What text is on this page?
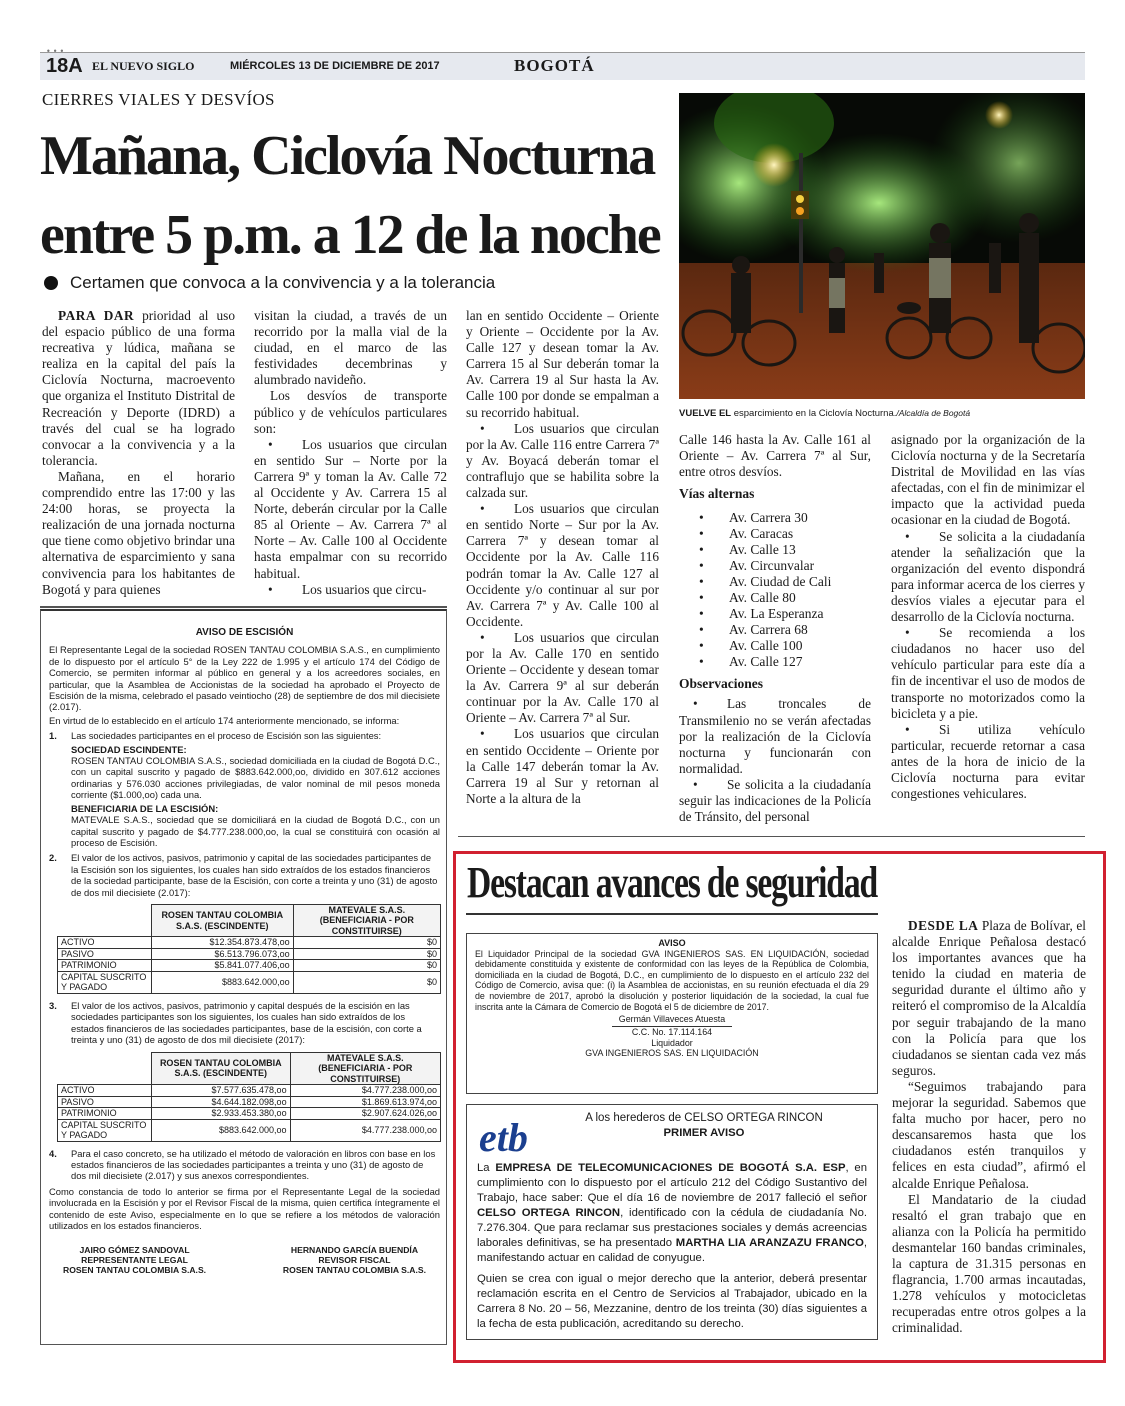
•••
18A EL NUEVO SIGLO	MIÉRCOLES 13 DE DICIEMBRE DE 2017	BOGOTÁ
CIERRES VIALES Y DESVÍOS
Mañana, Ciclovía Nocturna
entre 5 p.m. a 12 de la noche
Certamen que convoca a la convivencia y a la tolerancia

PARA DAR prioridad al uso del espacio público de una forma recreativa y lúdica, mañana se realiza en la capital del país la Ciclovía Nocturna, macroevento que organiza el Instituto Distrital de Recreación y Deporte (IDRD) a través del cual se ha logrado convocar a la convivencia y a la tolerancia.

Mañana, en el horario comprendido entre las 17:00 y las 24:00 horas, se proyecta la realización de una jornada nocturna que tiene como objetivo brindar una alternativa de esparcimiento y sana convivencia para los habitantes de Bogotá y para quienes

visitan la ciudad, a través de un recorrido por la malla vial de la ciudad, en el marco de las festividades decembrinas y alumbrado navideño.

Los desvíos de transporte público y de vehículos particulares son:

• Los usuarios que circulan en sentido Sur – Norte por la Carrera 9ª y toman la Av. Calle 72 al Occidente y Av. Carrera 15 al Norte, deberán circular por la Calle 85 al Oriente – Av. Carrera 7ª al Norte – Av. Calle 100 al Occidente hasta empalmar con su recorrido habitual.

• Los usuarios que circu-

lan en sentido Occidente – Oriente y Oriente – Occidente por la Av. Calle 127 y desean tomar la Av. Carrera 15 al Sur deberán tomar la Av. Carrera 19 al Sur hasta la Av. Calle 100 por donde se empalman a su recorrido habitual.

• Los usuarios que circulan por la Av. Calle 116 entre Carrera 7ª y Av. Boyacá deberán tomar el contraflujo que se habilita sobre la calzada sur.

• Los usuarios que circulan en sentido Norte – Sur por la Av. Carrera 7ª y desean tomar al Occidente por la Av. Calle 116 podrán tomar la Av. Calle 127 al Occidente y/o continuar al sur por Av. Carrera 7ª y Av. Calle 100 al Occidente.

• Los usuarios que circulan por la Av. Calle 170 en sentido Oriente – Occidente y desean tomar la Av. Carrera 9ª al sur deberán continuar por la Av. Calle 170 al Oriente – Av. Carrera 7ª al Sur.

• Los usuarios que circulan en sentido Occidente – Oriente por la Calle 147 deberán tomar la Av. Carrera 19 al Sur y retornan al Norte a la altura de la

VUELVE EL esparcimiento en la Ciclovía Nocturna./Alcaldía de Bogotá

Calle 146 hasta la Av. Calle 161 al Oriente – Av. Carrera 7ª al Sur, entre otros desvíos.

Vías alternas
• Av. Carrera 30
• Av. Caracas
• Av. Calle 13
• Av. Circunvalar
• Av. Ciudad de Cali
• Av. Calle 80
• Av. La Esperanza
• Av. Carrera 68
• Av. Calle 100
• Av. Calle 127
Observaciones

• Las troncales de Transmilenio no se verán afectadas por la realización de la Ciclovía nocturna y funcionarán con normalidad.

• Se solicita a la ciudadanía seguir las indicaciones de la Policía de Tránsito, del personal

asignado por la organización de la Ciclovía nocturna y de la Secretaría Distrital de Movilidad en las vías afectadas, con el fin de minimizar el impacto que la actividad pueda ocasionar en la ciudad de Bogotá.

• Se solicita a la ciudadanía atender la señalización que la organización del evento dispondrá para informar acerca de los cierres y desvíos viales a ejecutar para el desarrollo de la Ciclovía nocturna.

• Se recomienda a los ciudadanos no hacer uso del vehículo particular para este día a fin de incentivar el uso de modos de transporte no motorizados como la bicicleta y a pie.

• Si utiliza vehículo particular, recuerde retornar a casa antes de la hora de inicio de la Ciclovía nocturna para evitar congestiones vehiculares.

AVISO DE ESCISIÓN

El Representante Legal de la sociedad ROSEN TANTAU COLOMBIA S.A.S., en cumplimiento de lo dispuesto por el artículo 5° de la Ley 222 de 1.995 y el artículo 174 del Código de Comercio, se permiten informar al público en general y a los acreedores sociales, en particular, que la Asamblea de Accionistas de la sociedad ha aprobado el Proyecto de Escisión de la misma, celebrado el pasado veintiocho (28) de septiembre de dos mil diecisiete (2.017).

En virtud de lo establecido en el artículo 174 anteriormente mencionado, se informa:

1.	Las sociedades participantes en el proceso de Escisión son las siguientes:
SOCIEDAD ESCINDENTE:

ROSEN TANTAU COLOMBIA S.A.S., sociedad domiciliada en la ciudad de Bogotá D.C., con un capital suscrito y pagado de $883.642.000,oo, dividido en 307.612 acciones ordinarias y 576.030 acciones privilegiadas, de valor nominal de mil pesos moneda corriente ($1.000,oo) cada una.

BENEFICIARIA DE LA ESCISIÓN:

MATEVALE S.A.S., sociedad que se domiciliará en la ciudad de Bogotá D.C., con un capital suscrito y pagado de $4.777.238.000,oo, la cual se constituirá con ocasión al proceso de Escisión.

2.	El valor de los activos, pasivos, patrimonio y capital de las sociedades participantes de la Escisión son los siguientes, los cuales han sido extraídos de los estados financieros de la sociedad participante, base de la Escisión, con corte a treinta y uno (31) de agosto de dos mil diecisiete (2.017):
	ROSEN TANTAU COLOMBIA S.A.S. (ESCINDENTE)	MATEVALE S.A.S. (BENEFICIARIA - POR CONSTITUIRSE)
ACTIVO	$12.354.873.478,oo	$0
PASIVO	$6.513.796.073,oo	$0
PATRIMONIO	$5.841.077.406,oo	$0
CAPITAL SUSCRITO Y PAGADO	$883.642.000,oo	$0
3.	El valor de los activos, pasivos, patrimonio y capital después de la escisión en las sociedades participantes son los siguientes, los cuales han sido extraídos de los estados financieros de las sociedades participantes, base de la escisión, con corte a treinta y uno (31) de agosto de dos mil diecisiete (2017):
	ROSEN TANTAU COLOMBIA S.A.S. (ESCINDENTE)	MATEVALE S.A.S. (BENEFICIARIA - POR CONSTITUIRSE)
ACTIVO	$7.577.635.478,oo	$4.777.238.000,oo
PASIVO	$4.644.182.098,oo	$1.869.613.974,oo
PATRIMONIO	$2.933.453.380,oo	$2.907.624.026,oo
CAPITAL SUSCRITO Y PAGADO	$883.642.000,oo	$4.777.238.000,oo
4.	Para el caso concreto, se ha utilizado el método de valoración en libros con base en los estados financieros de las sociedades participantes a treinta y uno (31) de agosto de dos mil diecisiete (2.017) y sus anexos correspondientes.

Como constancia de todo lo anterior se firma por el Representante Legal de la sociedad involucrada en la Escisión y por el Revisor Fiscal de la misma, quien certifica íntegramente el contenido de este Aviso, especialmente en lo que se refiere a los métodos de valoración utilizados en los estados financieros.

JAIRO GÓMEZ SANDOVAL
REPRESENTANTE LEGAL
ROSEN TANTAU COLOMBIA S.A.S.
HERNANDO GARCÍA BUENDÍA
REVISOR FISCAL
ROSEN TANTAU COLOMBIA S.A.S.
Destacan avances de seguridad

DESDE LA Plaza de Bolívar, el alcalde Enrique Peñalosa destacó los importantes avances que ha tenido la ciudad en materia de seguridad durante el último año y reiteró el compromiso de la Alcaldía por seguir trabajando de la mano con la Policía para que los ciudadanos se sientan cada vez más seguros.

“Seguimos trabajando para mejorar la seguridad. Sabemos que falta mucho por hacer, pero no descansaremos hasta que los ciudadanos estén tranquilos y felices en esta ciudad”, afirmó el alcalde Enrique Peñalosa.

El Mandatario de la ciudad resaltó el gran trabajo que en alianza con la Policía ha permitido desmantelar 160 bandas criminales, la captura de 31.315 personas en flagrancia, 1.700 armas incautadas, 1.278 vehículos y motocicletas recuperadas entre otros golpes a la criminalidad.

AVISO

El Liquidador Principal de la sociedad GVA INGENIEROS SAS. EN LIQUIDACIÓN, sociedad debidamente constituida y existente de conformidad con las leyes de la República de Colombia, domiciliada en la ciudad de Bogotá, D.C., en cumplimiento de lo dispuesto en el artículo 232 del Código de Comercio, avisa que: (i) la Asamblea de accionistas, en su reunión efectuada el día 29 de noviembre de 2017, aprobó la disolución y posterior liquidación de la sociedad, la cual fue inscrita ante la Cámara de Comercio de Bogotá el 5 de diciembre de 2017.

Germán Villaveces Atuesta
C.C. No. 17.114.164
Liquidador
GVA INGENIEROS SAS. EN LIQUIDACIÓN
etb	A los herederos de CELSO ORTEGA RINCON
PRIMER AVISO

La EMPRESA DE TELECOMUNICACIONES DE BOGOTÁ S.A. ESP, en cumplimiento con lo dispuesto por el artículo 212 del Código Sustantivo del Trabajo, hace saber: Que el día 16 de noviembre de 2017 falleció el señor CELSO ORTEGA RINCON, identificado con la cédula de ciudadanía No. 7.276.304. Que para reclamar sus prestaciones sociales y demás acreencias laborales definitivas, se ha presentado MARTHA LIA ARANZAZU FRANCO, manifestando actuar en calidad de conyugue.

Quien se crea con igual o mejor derecho que la anterior, deberá presentar reclamación escrita en el Centro de Servicios al Trabajador, ubicado en la Carrera 8 No. 20 – 56, Mezzanine, dentro de los treinta (30) días siguientes a la fecha de esta publicación, acreditando su derecho.
